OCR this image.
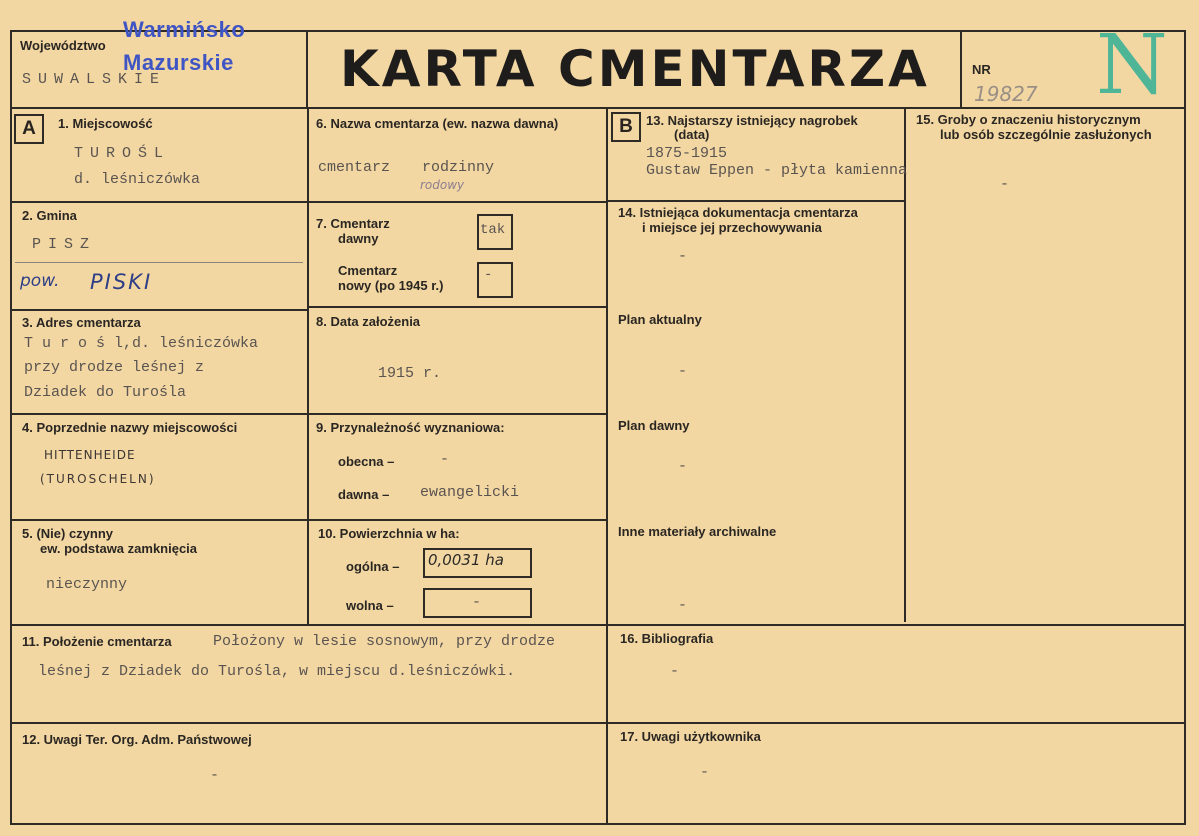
Województwo
Warmińsko
Mazurskie
SUWALSKIE	KARTA CMENTARZA	NR
19827 N
A	1. Miejscowość
TUROŚL
d. leśniczówka
2. Gmina
PISZ
pow. PISKI
3. Adres cmentarza
T u r o ś l,d. leśniczówka
przy drodze leśnej z
Dziadek do Turośla
4. Poprzednie nazwy miejscowości
HITTENHEIDE
(TUROSCHELN)
5. (Nie) czynny
ew. podstawa zamknięcia
nieczynny
6. Nazwa cmentarza (ew. nazwa dawna)
cmentarz rodzinny
rodowy
7. Cmentarz
dawny
tak
Cmentarz
nowy (po 1945 r.)
-
8. Data założenia
1915 r.
9. Przynależność wyznaniowa:
obecna –	-
dawna – ewangelicki
10. Powierzchnia w ha:
ogólna – 0,0031 ha
wolna –	-
B	13. Najstarszy istniejący nagrobek
(data)
1875-1915
Gustaw Eppen - płyta kamienna
14. Istniejąca dokumentacja cmentarza
i miejsce jej przechowywania
-
Plan aktualny
-
Plan dawny
-
Inne materiały archiwalne
-
15. Groby o znaczeniu historycznym
lub osób szczególnie zasłużonych
-
11. Położenie cmentarza	Położony w lesie sosnowym, przy drodze
leśnej z Dziadek do Turośla, w miejscu d.leśniczówki.
16. Bibliografia
-
12. Uwagi Ter. Org. Adm. Państwowej
-
17. Uwagi użytkownika
-
